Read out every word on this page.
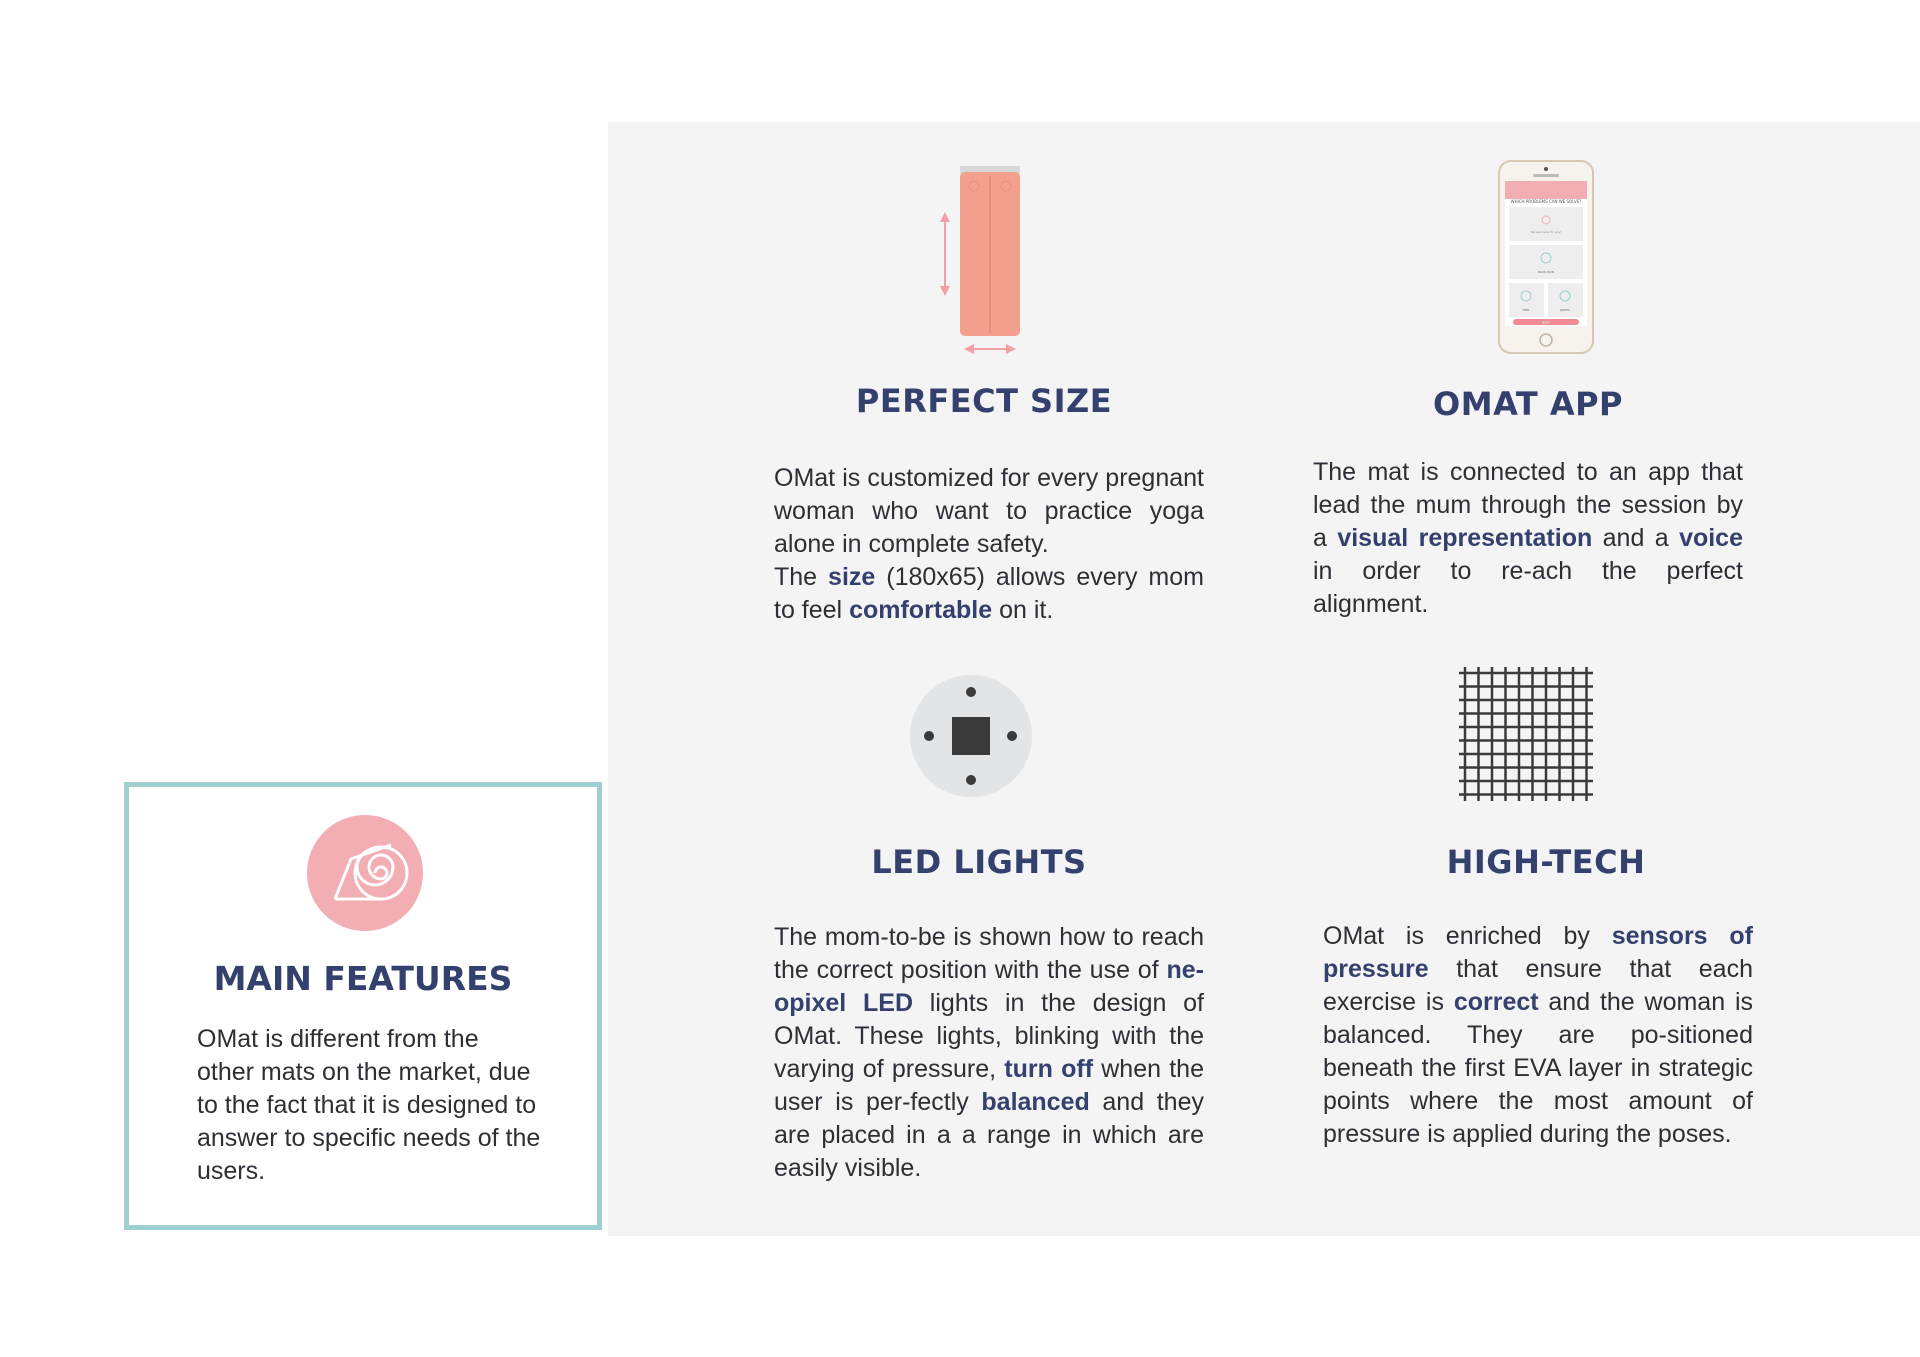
PERFECT SIZE

OMat is customized for every pregnant woman who want to practice yoga alone in complete safety.
The size (180x65) allows every mom to feel comfortable on it.

WHICH PROBLEMS CAN WE SOLVE?
We are here for you!
BACK PAIN
HIPS	JOINTS
NEXT
OMAT APP

The mat is connected to an app that lead the mum through the session by a visual representation and a voice in order to re-ach the perfect alignment.

LED LIGHTS

The mom-to-be is shown how to reach the correct position with the use of ne-opixel LED lights in the design of OMat. These lights, blinking with the varying of pressure, turn off when the user is per-fectly balanced and they are placed in a a range in which are easily visible.

HIGH-TECH

OMat is enriched by sensors of pressure that ensure that each exercise is correct and the woman is balanced. They are po-sitioned beneath the first EVA layer in strategic points where the most amount of pressure is applied during the poses.

MAIN FEATURES

OMat is different from the other mats on the market, due to the fact that it is designed to answer to specific needs of the users.
